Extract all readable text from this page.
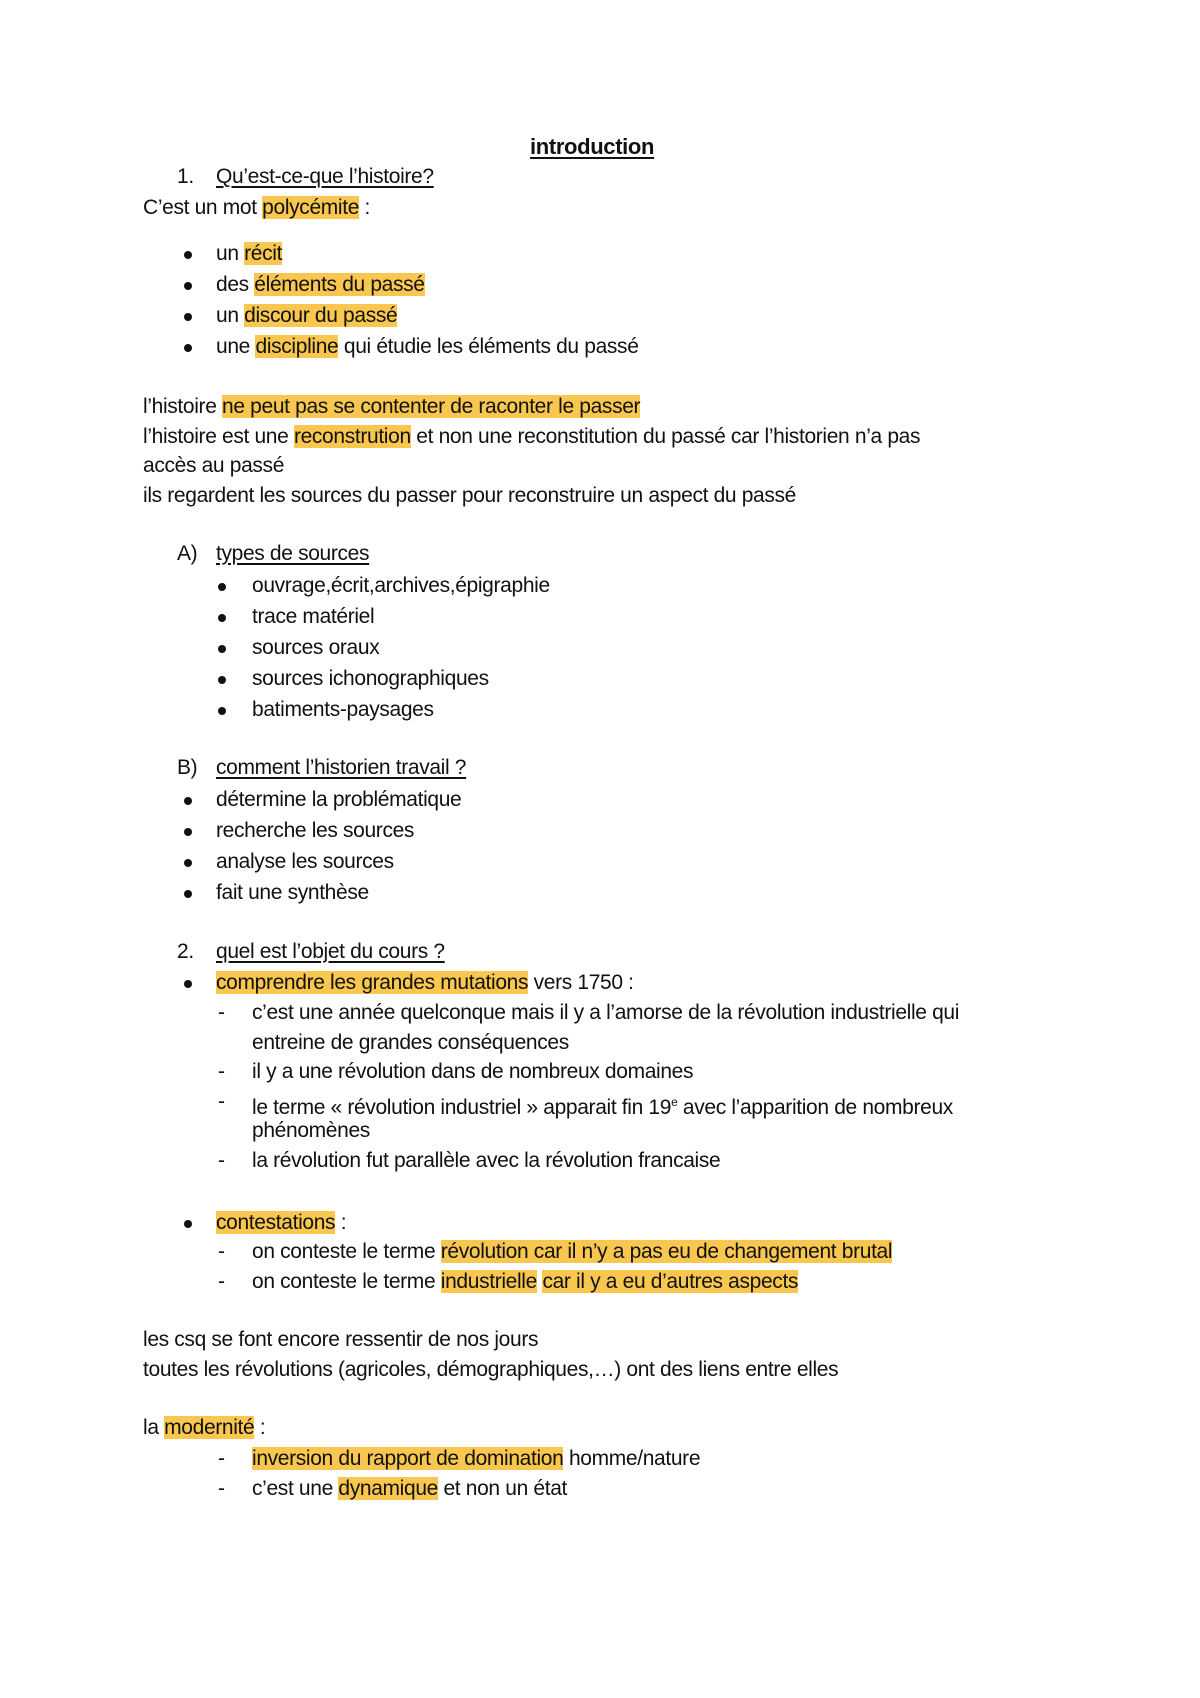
introduction
1. Qu’est-ce-que l’histoire?
C’est un mot polycémite :
un récit
des éléments du passé
un discour du passé
une discipline qui étudie les éléments du passé
l’histoire ne peut pas se contenter de raconter le passer
l’histoire est une reconstrution et non une reconstitution du passé car l’historien n’a pas
accès au passé
ils regardent les sources du passer pour reconstruire un aspect du passé
A) types de sources
ouvrage,écrit,archives,épigraphie
trace matériel
sources oraux
sources ichonographiques
batiments-paysages
B) comment l’historien travail ?
détermine la problématique
recherche les sources
analyse les sources
fait une synthèse
2. quel est l’objet du cours ?
comprendre les grandes mutations vers 1750 :
- c’est une année quelconque mais il y a l’amorse de la révolution industrielle qui
entreine de grandes conséquences
- il y a une révolution dans de nombreux domaines
- le terme « révolution industriel » apparait fin 19e avec l’apparition de nombreux
phénomènes
- la révolution fut parallèle avec la révolution francaise
contestations :
- on conteste le terme révolution car il n’y a pas eu de changement brutal
- on conteste le terme industrielle car il y a eu d’autres aspects
les csq se font encore ressentir de nos jours
toutes les révolutions (agricoles, démographiques,…) ont des liens entre elles
la modernité :
- inversion du rapport de domination homme/nature
- c’est une dynamique et non un état
